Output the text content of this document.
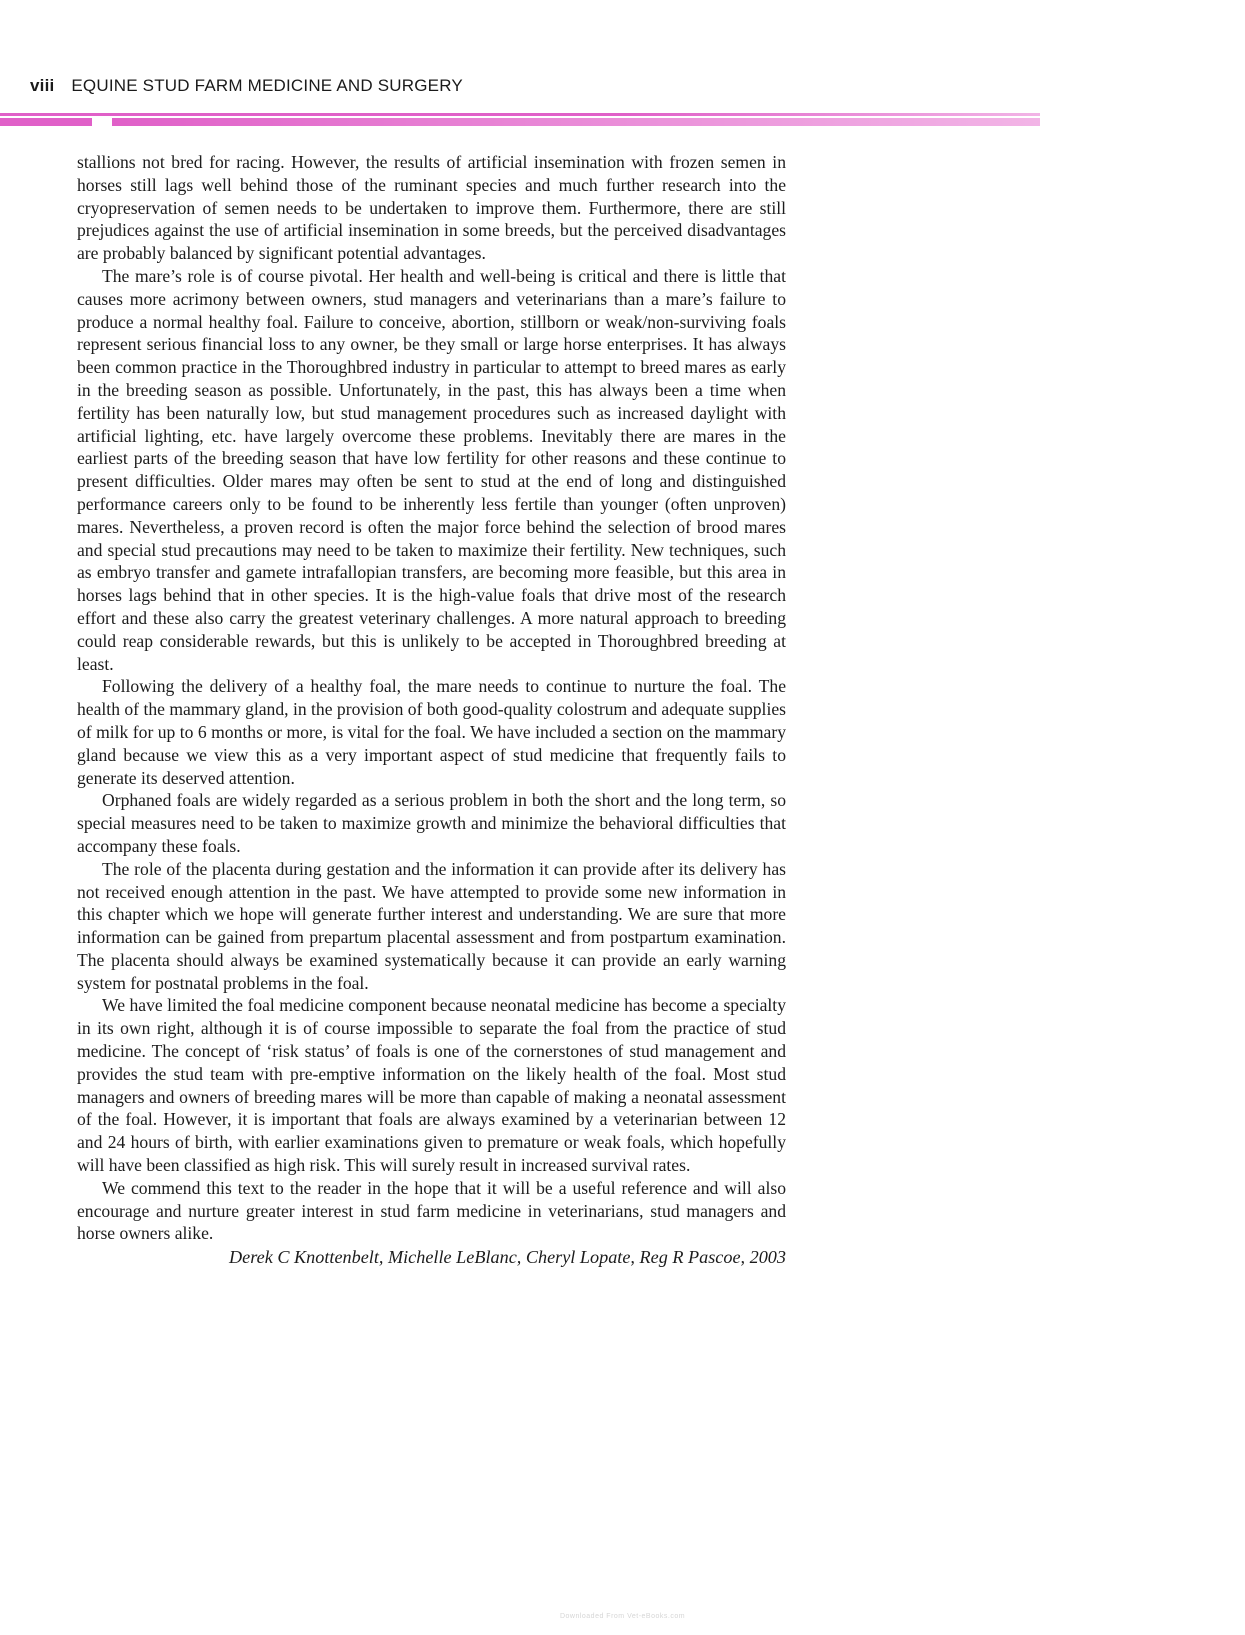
viii EQUINE STUD FARM MEDICINE AND SURGERY

stallions not bred for racing. However, the results of artificial insemination with frozen semen in horses still lags well behind those of the ruminant species and much further research into the cryopreservation of semen needs to be undertaken to improve them. Furthermore, there are still prejudices against the use of artificial insemination in some breeds, but the perceived disadvantages are probably balanced by significant potential advantages.

The mare’s role is of course pivotal. Her health and well-being is critical and there is little that causes more acrimony between owners, stud managers and veterinarians than a mare’s failure to produce a normal healthy foal. Failure to conceive, abortion, stillborn or weak/non-surviving foals represent serious financial loss to any owner, be they small or large horse enterprises. It has always been common practice in the Thoroughbred industry in particular to attempt to breed mares as early in the breeding season as possible. Unfortunately, in the past, this has always been a time when fertility has been naturally low, but stud management procedures such as increased daylight with artificial lighting, etc. have largely overcome these problems. Inevitably there are mares in the earliest parts of the breeding season that have low fertility for other reasons and these continue to present difficulties. Older mares may often be sent to stud at the end of long and distinguished performance careers only to be found to be inherently less fertile than younger (often unproven) mares. Nevertheless, a proven record is often the major force behind the selection of brood mares and special stud precautions may need to be taken to maximize their fertility. New techniques, such as embryo transfer and gamete intrafallopian transfers, are becoming more feasible, but this area in horses lags behind that in other species. It is the high-value foals that drive most of the research effort and these also carry the greatest veterinary challenges. A more natural approach to breeding could reap considerable rewards, but this is unlikely to be accepted in Thoroughbred breeding at least.

Following the delivery of a healthy foal, the mare needs to continue to nurture the foal. The health of the mammary gland, in the provision of both good-quality colostrum and adequate supplies of milk for up to 6 months or more, is vital for the foal. We have included a section on the mammary gland because we view this as a very important aspect of stud medicine that frequently fails to generate its deserved attention.

Orphaned foals are widely regarded as a serious problem in both the short and the long term, so special measures need to be taken to maximize growth and minimize the behavioral difficulties that accompany these foals.

The role of the placenta during gestation and the information it can provide after its delivery has not received enough attention in the past. We have attempted to provide some new information in this chapter which we hope will generate further interest and understanding. We are sure that more information can be gained from prepartum placental assessment and from postpartum examination. The placenta should always be examined systematically because it can provide an early warning system for postnatal problems in the foal.

We have limited the foal medicine component because neonatal medicine has become a specialty in its own right, although it is of course impossible to separate the foal from the practice of stud medicine. The concept of ‘risk status’ of foals is one of the cornerstones of stud management and provides the stud team with pre-emptive information on the likely health of the foal. Most stud managers and owners of breeding mares will be more than capable of making a neonatal assessment of the foal. However, it is important that foals are always examined by a veterinarian between 12 and 24 hours of birth, with earlier examinations given to premature or weak foals, which hopefully will have been classified as high risk. This will surely result in increased survival rates.

We commend this text to the reader in the hope that it will be a useful reference and will also encourage and nurture greater interest in stud farm medicine in veterinarians, stud managers and horse owners alike.

Derek C Knottenbelt, Michelle LeBlanc, Cheryl Lopate, Reg R Pascoe, 2003
Downloaded From Vet-eBooks.com
